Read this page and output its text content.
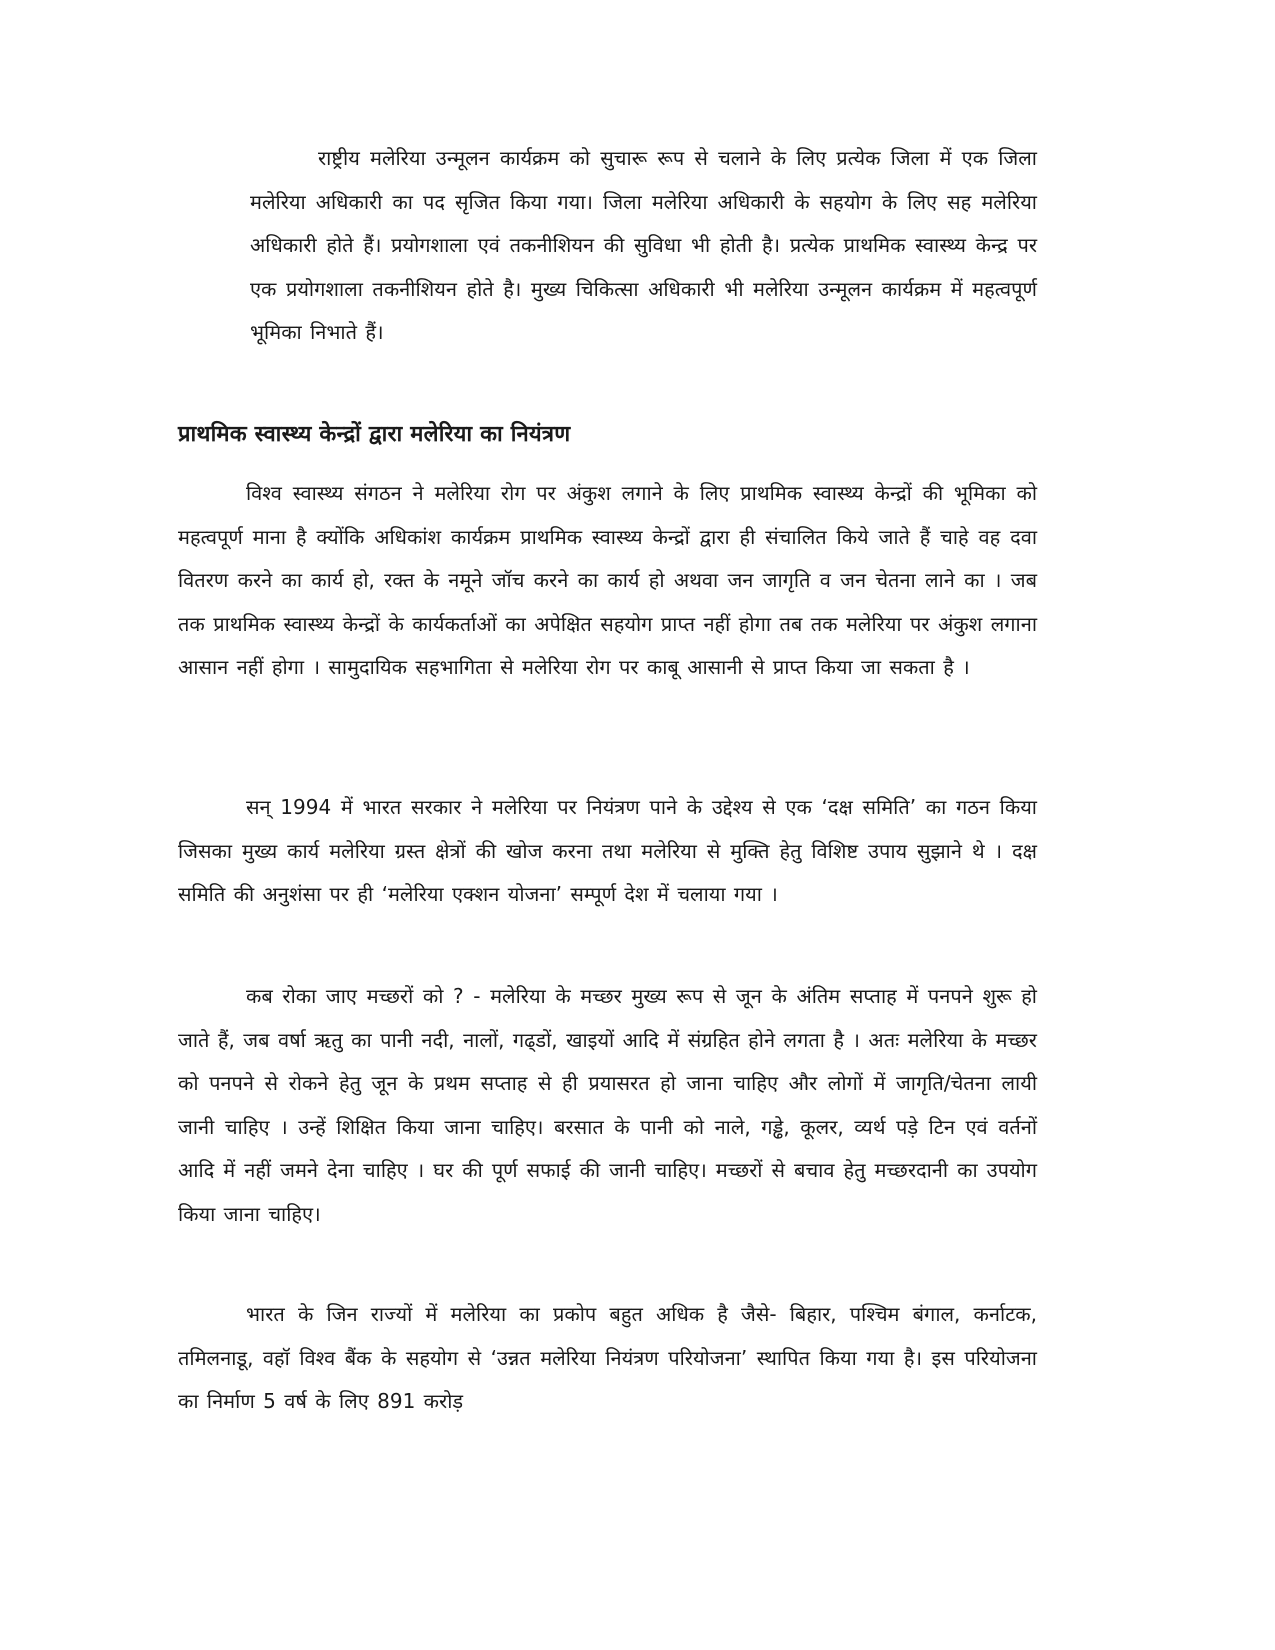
राष्ट्रीय मलेरिया उन्मूलन कार्यक्रम को सुचारू रूप से चलाने के लिए प्रत्येक जिला में एक जिला मलेरिया अधिकारी का पद सृजित किया गया। जिला मलेरिया अधिकारी के सहयोग के लिए सह मलेरिया अधिकारी होते हैं। प्रयोगशाला एवं तकनीशियन की सुविधा भी होती है। प्रत्येक प्राथमिक स्वास्थ्य केन्द्र पर एक प्रयोगशाला तकनीशियन होते है। मुख्य चिकित्सा अधिकारी भी मलेरिया उन्मूलन कार्यक्रम में महत्वपूर्ण भूमिका निभाते हैं।

प्राथमिक स्वास्थ्य केन्द्रों द्वारा मलेरिया का नियंत्रण

विश्व स्वास्थ्य संगठन ने मलेरिया रोग पर अंकुश लगाने के लिए प्राथमिक स्वास्थ्य केन्द्रों की भूमिका को महत्वपूर्ण माना है क्योंकि अधिकांश कार्यक्रम प्राथमिक स्वास्थ्य केन्द्रों द्वारा ही संचालित किये जाते हैं चाहे वह दवा वितरण करने का कार्य हो, रक्त के नमूने जॉच करने का कार्य हो अथवा जन जागृति व जन चेतना लाने का । जब तक प्राथमिक स्वास्थ्य केन्द्रों के कार्यकर्ताओं का अपेक्षित सहयोग प्राप्त नहीं होगा तब तक मलेरिया पर अंकुश लगाना आसान नहीं होगा । सामुदायिक सहभागिता से मलेरिया रोग पर काबू आसानी से प्राप्त किया जा सकता है ।

सन् 1994 में भारत सरकार ने मलेरिया पर नियंत्रण पाने के उद्देश्य से एक ‘दक्ष समिति’ का गठन किया जिसका मुख्य कार्य मलेरिया ग्रस्त क्षेत्रों की खोज करना तथा मलेरिया से मुक्ति हेतु विशिष्ट उपाय सुझाने थे । दक्ष समिति की अनुशंसा पर ही ‘मलेरिया एक्शन योजना’ सम्पूर्ण देश में चलाया गया ।

कब रोका जाए मच्छरों को ? - मलेरिया के मच्छर मुख्य रूप से जून के अंतिम सप्ताह में पनपने शुरू हो जाते हैं, जब वर्षा ऋतु का पानी नदी, नालों, गढ्डों, खाइयों आदि में संग्रहित होने लगता है । अतः मलेरिया के मच्छर को पनपने से रोकने हेतु जून के प्रथम सप्ताह से ही प्रयासरत हो जाना चाहिए और लोगों में जागृति/चेतना लायी जानी चाहिए । उन्हें शिक्षित किया जाना चाहिए। बरसात के पानी को नाले, गड्ढे, कूलर, व्यर्थ पड़े टिन एवं वर्तनों आदि में नहीं जमने देना चाहिए । घर की पूर्ण सफाई की जानी चाहिए। मच्छरों से बचाव हेतु मच्छरदानी का उपयोग किया जाना चाहिए।

भारत के जिन राज्यों में मलेरिया का प्रकोप बहुत अधिक है जैसे- बिहार, पश्चिम बंगाल, कर्नाटक, तमिलनाडू, वहॉ विश्व बैंक के सहयोग से ‘उन्नत मलेरिया नियंत्रण परियोजना’ स्थापित किया गया है। इस परियोजना का निर्माण 5 वर्ष के लिए 891 करोड़
